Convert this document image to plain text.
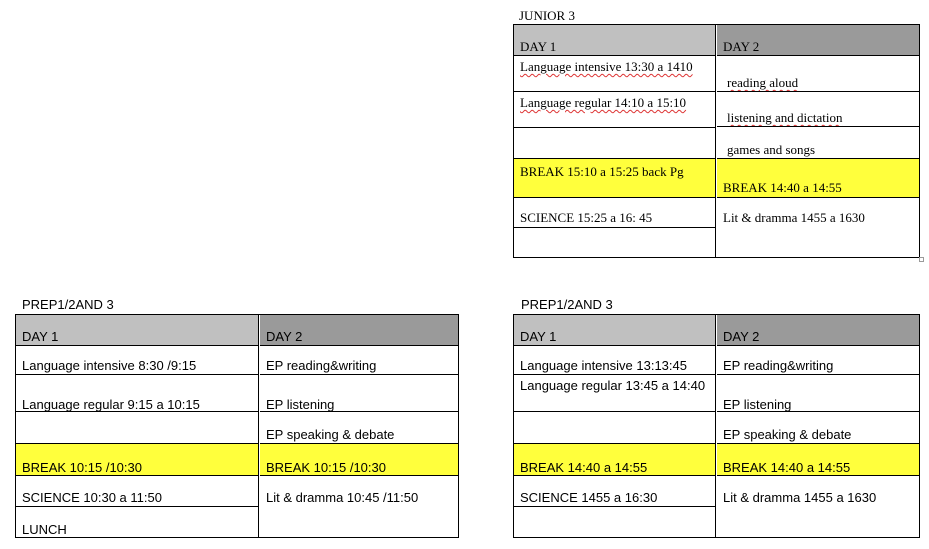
JUNIOR 3
DAY 1
Language intensive 13:30 a 1410
Language regular 14:10 a 15:10
BREAK 15:10 a 15:25 back Pg
SCIENCE 15:25 a 16: 45
DAY 2
reading aloud
listening and dictation
games and songs
BREAK 14:40 a 14:55
Lit & dramma 1455 a 1630
PREP1/2AND 3
DAY 1
Language intensive 8:30 /9:15
Language regular 9:15 a 10:15
BREAK 10:15 /10:30
SCIENCE 10:30 a 11:50
LUNCH
DAY 2
EP reading&writing
EP listening
EP speaking & debate
BREAK 10:15 /10:30
Lit & dramma 10:45 /11:50
PREP1/2AND 3
DAY 1
Language intensive 13:13:45
Language regular 13:45 a 14:40
BREAK 14:40 a 14:55
SCIENCE 1455 a 16:30
DAY 2
EP reading&writing
EP listening
EP speaking & debate
BREAK 14:40 a 14:55
Lit & dramma 1455 a 1630
